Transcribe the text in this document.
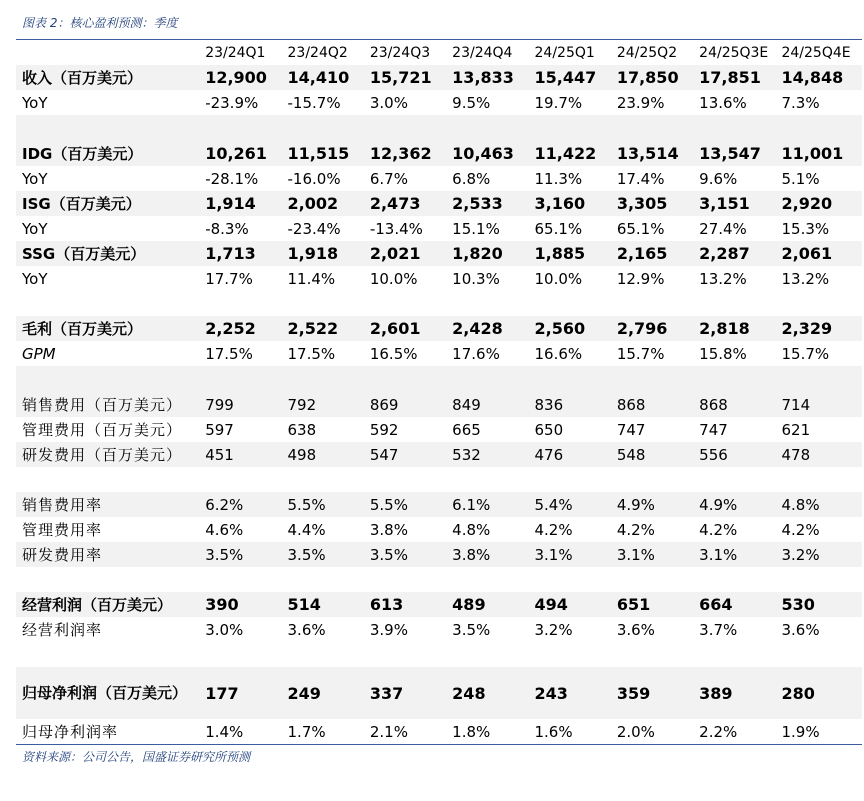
图表 2：核心盈利预测：季度
	23/24Q1	23/24Q2	23/24Q3	23/24Q4	24/25Q1	24/25Q2	24/25Q3E	24/25Q4E
收入（百万美元）	12,900	14,410	15,721	13,833	15,447	17,850	17,851	14,848
YoY	-23.9%	-15.7%	3.0%	9.5%	19.7%	23.9%	13.6%	7.3%

IDG（百万美元）	10,261	11,515	12,362	10,463	11,422	13,514	13,547	11,001
YoY	-28.1%	-16.0%	6.7%	6.8%	11.3%	17.4%	9.6%	5.1%
ISG（百万美元）	1,914	2,002	2,473	2,533	3,160	3,305	3,151	2,920
YoY	-8.3%	-23.4%	-13.4%	15.1%	65.1%	65.1%	27.4%	15.3%
SSG（百万美元）	1,713	1,918	2,021	1,820	1,885	2,165	2,287	2,061
YoY	17.7%	11.4%	10.0%	10.3%	10.0%	12.9%	13.2%	13.2%

毛利（百万美元）	2,252	2,522	2,601	2,428	2,560	2,796	2,818	2,329
GPM	17.5%	17.5%	16.5%	17.6%	16.6%	15.7%	15.8%	15.7%

销售费用（百万美元）	799	792	869	849	836	868	868	714
管理费用（百万美元）	597	638	592	665	650	747	747	621
研发费用（百万美元）	451	498	547	532	476	548	556	478

销售费用率	6.2%	5.5%	5.5%	6.1%	5.4%	4.9%	4.9%	4.8%
管理费用率	4.6%	4.4%	3.8%	4.8%	4.2%	4.2%	4.2%	4.2%
研发费用率	3.5%	3.5%	3.5%	3.8%	3.1%	3.1%	3.1%	3.2%

经营利润（百万美元）	390	514	613	489	494	651	664	530
经营利润率	3.0%	3.6%	3.9%	3.5%	3.2%	3.6%	3.7%	3.6%

归母净利润（百万美元）	177	249	337	248	243	359	389	280
归母净利润率	1.4%	1.7%	2.1%	1.8%	1.6%	2.0%	2.2%	1.9%
资料来源：公司公告，国盛证券研究所预测
